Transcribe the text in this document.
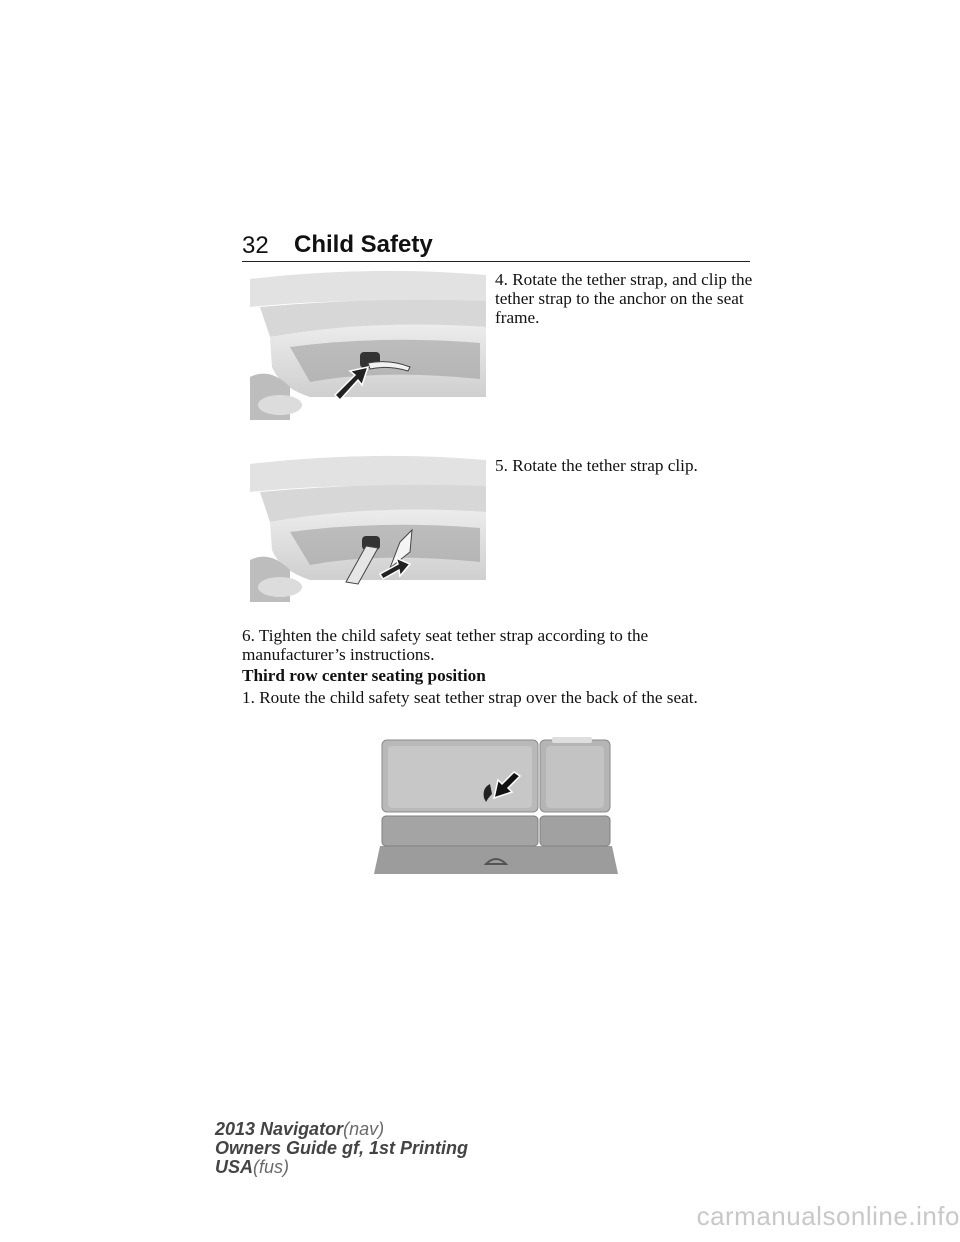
32 Child Safety
4. Rotate the tether strap, and clip the tether strap to the anchor on the seat frame.
5. Rotate the tether strap clip.
6. Tighten the child safety seat tether strap according to the manufacturer’s instructions.
Third row center seating position
1. Route the child safety seat tether strap over the back of the seat.
2013 Navigator(nav)
Owners Guide gf, 1st Printing
USA(fus)
carmanualsonline.info
